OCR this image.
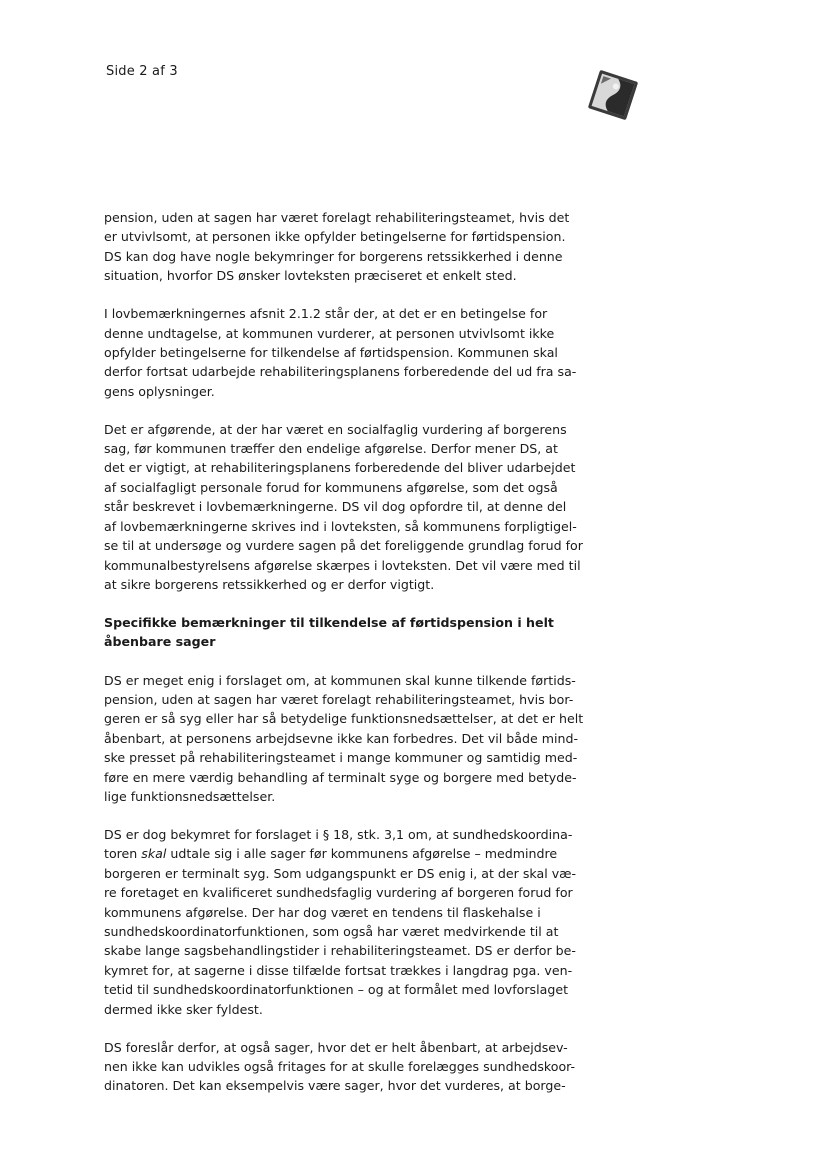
Side 2 af 3

pension, uden at sagen har været forelagt rehabiliteringsteamet, hvis det
er utvivlsomt, at personen ikke opfylder betingelserne for førtidspension.
DS kan dog have nogle bekymringer for borgerens retssikkerhed i denne
situation, hvorfor DS ønsker lovteksten præciseret et enkelt sted.

I lovbemærkningernes afsnit 2.1.2 står der, at det er en betingelse for
denne undtagelse, at kommunen vurderer, at personen utvivlsomt ikke
opfylder betingelserne for tilkendelse af førtidspension. Kommunen skal
derfor fortsat udarbejde rehabiliteringsplanens forberedende del ud fra sa-
gens oplysninger.

Det er afgørende, at der har været en socialfaglig vurdering af borgerens
sag, før kommunen træffer den endelige afgørelse. Derfor mener DS, at
det er vigtigt, at rehabiliteringsplanens forberedende del bliver udarbejdet
af socialfagligt personale forud for kommunens afgørelse, som det også
står beskrevet i lovbemærkningerne. DS vil dog opfordre til, at denne del
af lovbemærkningerne skrives ind i lovteksten, så kommunens forpligtigel-
se til at undersøge og vurdere sagen på det foreliggende grundlag forud for
kommunalbestyrelsens afgørelse skærpes i lovteksten. Det vil være med til
at sikre borgerens retssikkerhed og er derfor vigtigt.

Specifikke bemærkninger til tilkendelse af førtidspension i helt
åbenbare sager

DS er meget enig i forslaget om, at kommunen skal kunne tilkende førtids-
pension, uden at sagen har været forelagt rehabiliteringsteamet, hvis bor-
geren er så syg eller har så betydelige funktionsnedsættelser, at det er helt
åbenbart, at personens arbejdsevne ikke kan forbedres. Det vil både mind-
ske presset på rehabiliteringsteamet i mange kommuner og samtidig med-
føre en mere værdig behandling af terminalt syge og borgere med betyde-
lige funktionsnedsættelser.

DS er dog bekymret for forslaget i § 18, stk. 3,1 om, at sundhedskoordina-
toren skal udtale sig i alle sager før kommunens afgørelse – medmindre
borgeren er terminalt syg. Som udgangspunkt er DS enig i, at der skal væ-
re foretaget en kvalificeret sundhedsfaglig vurdering af borgeren forud for
kommunens afgørelse. Der har dog været en tendens til flaskehalse i
sundhedskoordinatorfunktionen, som også har været medvirkende til at
skabe lange sagsbehandlingstider i rehabiliteringsteamet. DS er derfor be-
kymret for, at sagerne i disse tilfælde fortsat trækkes i langdrag pga. ven-
tetid til sundhedskoordinatorfunktionen – og at formålet med lovforslaget
dermed ikke sker fyldest.

DS foreslår derfor, at også sager, hvor det er helt åbenbart, at arbejdsev-
nen ikke kan udvikles også fritages for at skulle forelægges sundhedskoor-
dinatoren. Det kan eksempelvis være sager, hvor det vurderes, at borge-
